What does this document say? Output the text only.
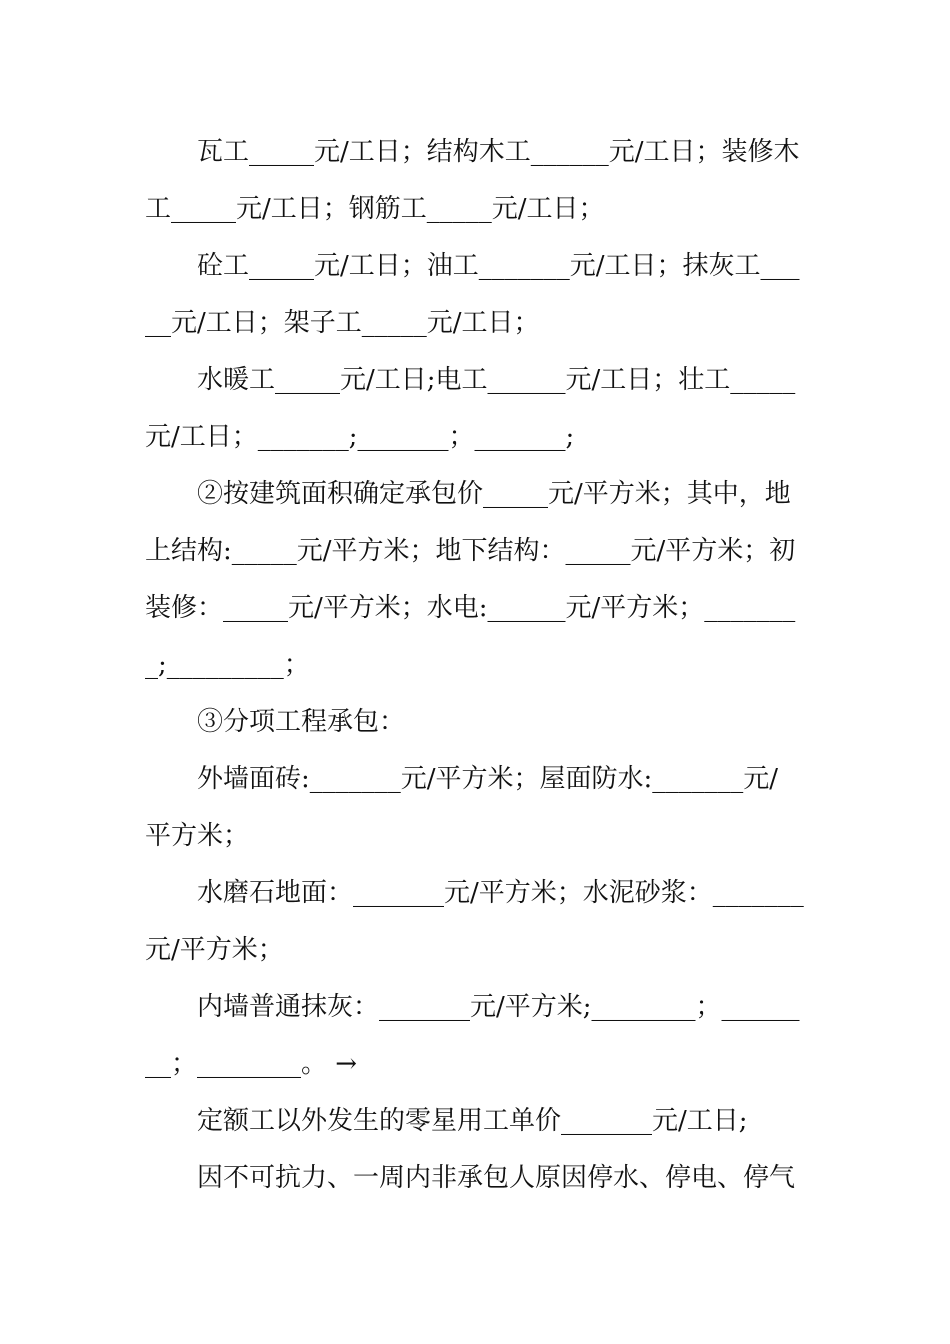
瓦工_____元/工日；结构木工______元/工日；装修木
工_____元/工日；钢筋工_____元/工日；
砼工_____元/工日；油工_______元/工日；抹灰工___
__元/工日；架子工_____元/工日；
水暖工_____元/工日;电工______元/工日；壮工_____
元/工日；_______;_______；_______;
②按建筑面积确定承包价_____元/平方米；其中，地
上结构:_____元/平方米；地下结构：_____元/平方米；初
装修：_____元/平方米；水电:______元/平方米；_______
_;_________；
③分项工程承包：
外墙面砖:_______元/平方米；屋面防水:_______元/
平方米；
水磨石地面：_______元/平方米；水泥砂浆：_______
元/平方米；
内墙普通抹灰：_______元/平方米;________；______
__；________。 →
定额工以外发生的零星用工单价_______元/工日;
因不可抗力、一周内非承包人原因停水、停电、停气
